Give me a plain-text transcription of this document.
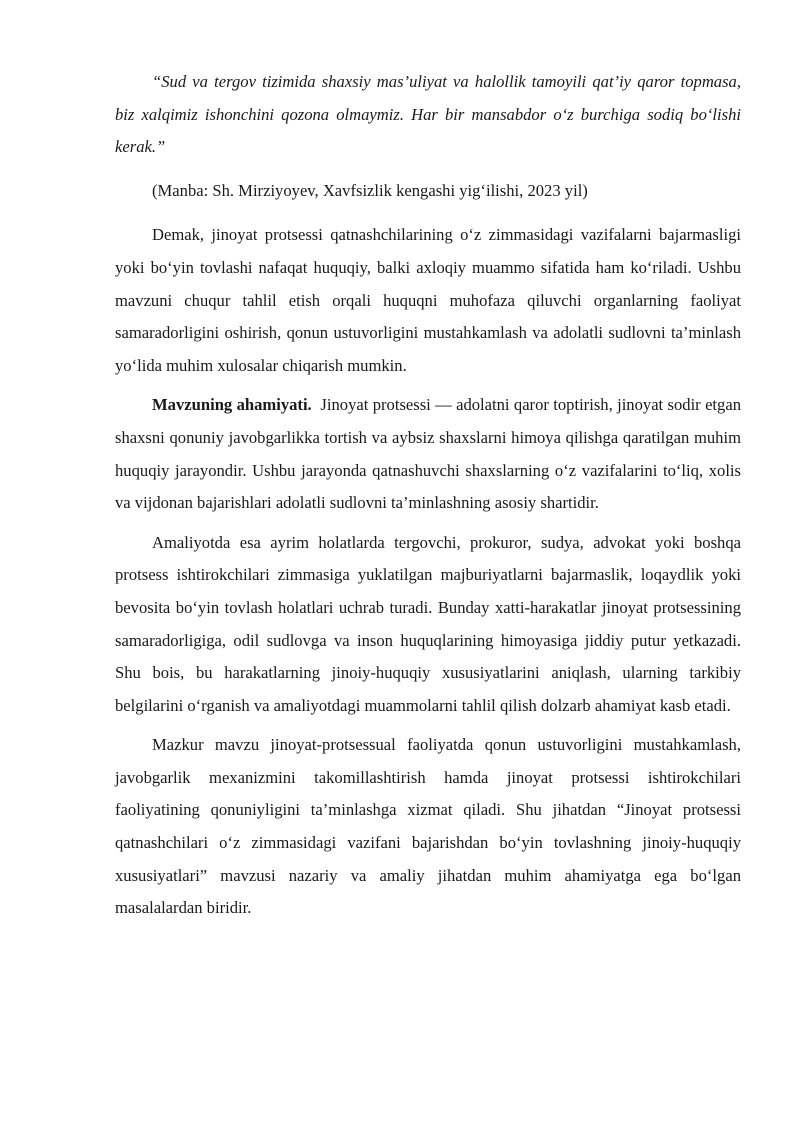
“Sud va tergov tizimida shaxsiy mas’uliyat va halollik tamoyili qat’iy qaror topmasa, biz xalqimiz ishonchini qozona olmaymiz. Har bir mansabdor o‘z burchiga sodiq bo‘lishi kerak.”

(Manba: Sh. Mirziyoyev, Xavfsizlik kengashi yig‘ilishi, 2023 yil)

Demak, jinoyat protsessi qatnashchilarining o‘z zimmasidagi vazifalarni bajarmasligi yoki bo‘yin tovlashi nafaqat huquqiy, balki axloqiy muammo sifatida ham ko‘riladi. Ushbu mavzuni chuqur tahlil etish orqali huquqni muhofaza qiluvchi organlarning faoliyat samaradorligini oshirish, qonun ustuvorligini mustahkamlash va adolatli sudlovni ta’minlash yo‘lida muhim xulosalar chiqarish mumkin.

Mavzuning ahamiyati. Jinoyat protsessi — adolatni qaror toptirish, jinoyat sodir etgan shaxsni qonuniy javobgarlikka tortish va aybsiz shaxslarni himoya qilishga qaratilgan muhim huquqiy jarayondir. Ushbu jarayonda qatnashuvchi shaxslarning o‘z vazifalarini to‘liq, xolis va vijdonan bajarishlari adolatli sudlovni ta’minlashning asosiy shartidir.

Amaliyotda esa ayrim holatlarda tergovchi, prokuror, sudya, advokat yoki boshqa protsess ishtirokchilari zimmasiga yuklatilgan majburiyatlarni bajarmaslik, loqaydlik yoki bevosita bo‘yin tovlash holatlari uchrab turadi. Bunday xatti-harakatlar jinoyat protsessining samaradorligiga, odil sudlovga va inson huquqlarining himoyasiga jiddiy putur yetkazadi. Shu bois, bu harakatlarning jinoiy-huquqiy xususiyatlarini aniqlash, ularning tarkibiy belgilarini o‘rganish va amaliyotdagi muammolarni tahlil qilish dolzarb ahamiyat kasb etadi.

Mazkur mavzu jinoyat-protsessual faoliyatda qonun ustuvorligini mustahkamlash, javobgarlik mexanizmini takomillashtirish hamda jinoyat protsessi ishtirokchilari faoliyatining qonuniyligini ta’minlashga xizmat qiladi. Shu jihatdan “Jinoyat protsessi qatnashchilari o‘z zimmasidagi vazifani bajarishdan bo‘yin tovlashning jinoiy-huquqiy xususiyatlari” mavzusi nazariy va amaliy jihatdan muhim ahamiyatga ega bo‘lgan masalalardan biridir.
